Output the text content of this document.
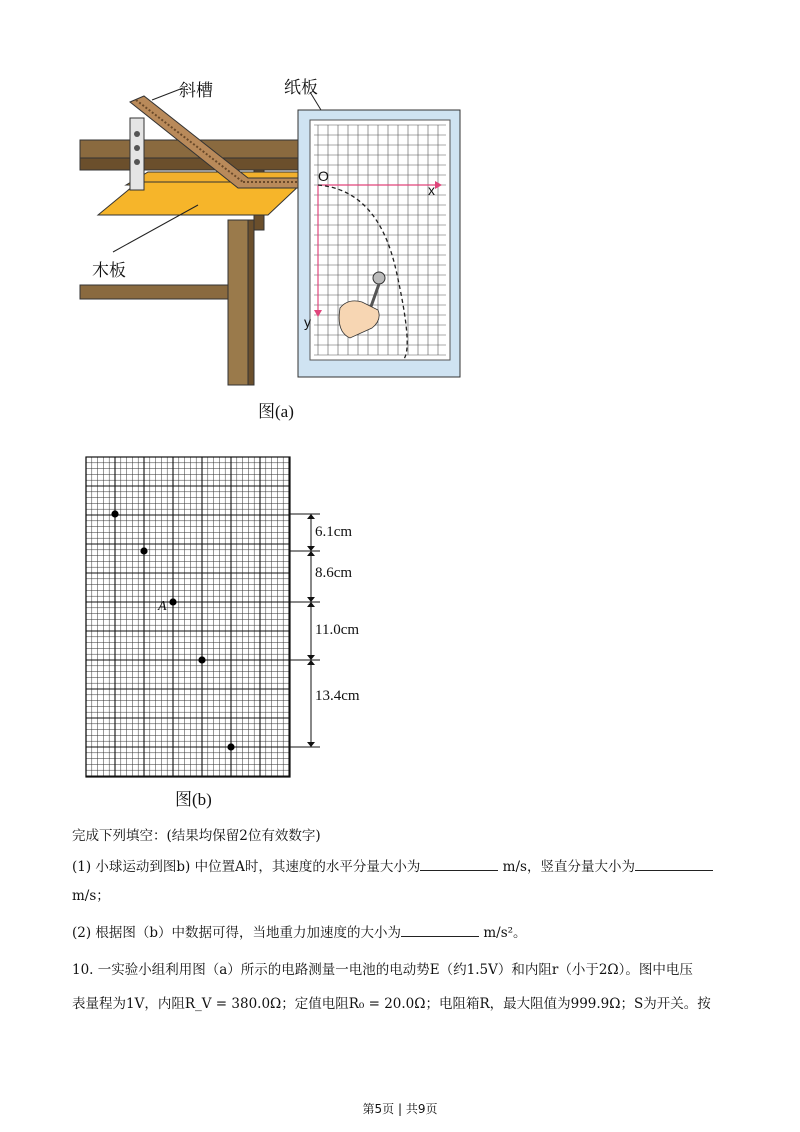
斜槽	纸板
木板
O
x
y
图(a)
A
6.1cm
8.6cm
11.0cm
13.4cm
图(b)
完成下列填空：(结果均保留2位有效数字)
(1) 小球运动到图b) 中位置A时，其速度的水平分量大小为	m/s，竖直分量大小为
m/s；
(2) 根据图（b）中数据可得，当地重力加速度的大小为	m/s²。
10. 一实验小组利用图（a）所示的电路测量一电池的电动势E（约1.5V）和内阻r（小于2Ω）。图中电压
表量程为1V，内阻R_V = 380.0Ω；定值电阻R₀ = 20.0Ω；电阻箱R，最大阻值为999.9Ω；S为开关。按
第5页 | 共9页
